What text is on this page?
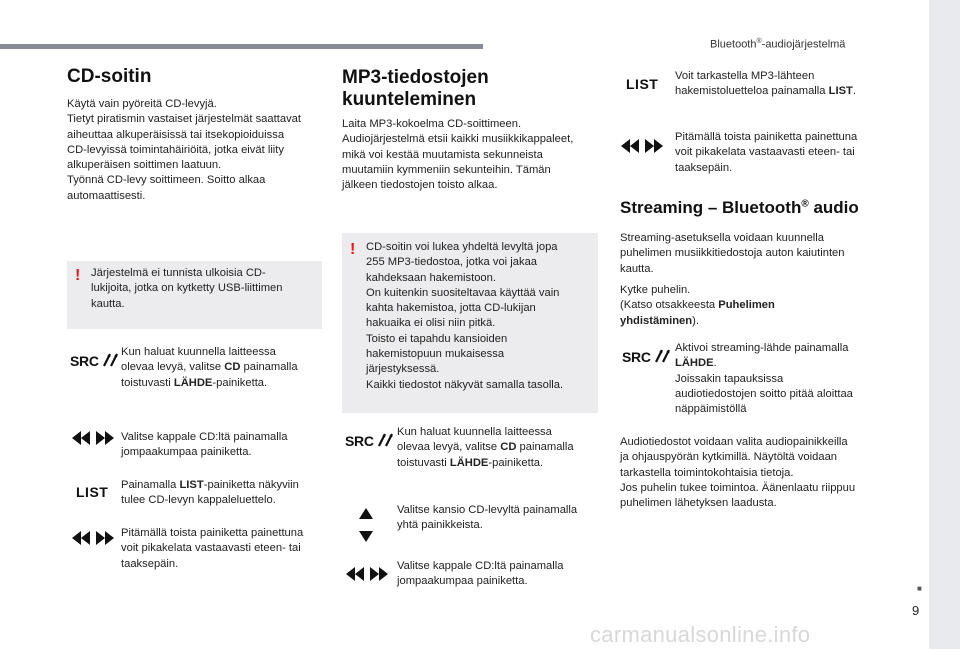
Bluetooth®-audiojärjestelmä
CD-soitin
Käytä vain pyöreitä CD-levyjä.
Tietyt piratismin vastaiset järjestelmät saattavat
aiheuttaa alkuperäisissä tai itsekopioiduissa
CD-levyissä toimintahäiriöitä, jotka eivät liity
alkuperäisen soittimen laatuun.
Työnnä CD-levy soittimeen. Soitto alkaa
automaattisesti.
! Järjestelmä ei tunnista ulkoisia CD-
lukijoita, jotka on kytketty USB-liittimen
kautta.
SRC
Kun haluat kuunnella laitteessa
olevaa levyä, valitse CD painamalla
toistuvasti LÄHDE-painiketta.
Valitse kappale CD:ltä painamalla
jompaakumpaa painiketta.
LIST Painamalla LIST-painiketta näkyviin
tulee CD-levyn kappaleluettelo.
Pitämällä toista painiketta painettuna
voit pikakelata vastaavasti eteen- tai
taaksepäin.
MP3-tiedostojen
kuunteleminen
Laita MP3-kokoelma CD-soittimeen.
Audiojärjestelmä etsii kaikki musiikkikappaleet,
mikä voi kestää muutamista sekunneista
muutamiin kymmeniin sekunteihin. Tämän
jälkeen tiedostojen toisto alkaa.
! CD-soitin voi lukea yhdeltä levyltä jopa
255 MP3-tiedostoa, jotka voi jakaa
kahdeksaan hakemistoon.
On kuitenkin suositeltavaa käyttää vain
kahta hakemistoa, jotta CD-lukijan
hakuaika ei olisi niin pitkä.
Toisto ei tapahdu kansioiden
hakemistopuun mukaisessa
järjestyksessä.
Kaikki tiedostot näkyvät samalla tasolla.
SRC
Kun haluat kuunnella laitteessa
olevaa levyä, valitse CD painamalla
toistuvasti LÄHDE-painiketta.
Valitse kansio CD-levyltä painamalla
yhtä painikkeista.
Valitse kappale CD:ltä painamalla
jompaakumpaa painiketta.
LIST Voit tarkastella MP3-lähteen
hakemistoluetteloa painamalla LIST.
Pitämällä toista painiketta painettuna
voit pikakelata vastaavasti eteen- tai
taaksepäin.
Streaming – Bluetooth® audio
Streaming-asetuksella voidaan kuunnella
puhelimen musiikkitiedostoja auton kaiutinten
kautta.
Kytke puhelin.
(Katso otsakkeesta Puhelimen
yhdistäminen).
SRC
Aktivoi streaming-lähde painamalla
LÄHDE.
Joissakin tapauksissa
audiotiedostojen soitto pitää aloittaa
näppäimistöllä
Audiotiedostot voidaan valita audiopainikkeilla
ja ohjauspyörän kytkimillä. Näytöltä voidaan
tarkastella toimintokohtaisia tietoja.
Jos puhelin tukee toimintoa. Äänenlaatu riippuu
puhelimen lähetyksen laadusta.
■
9
carmanualsonline.info
